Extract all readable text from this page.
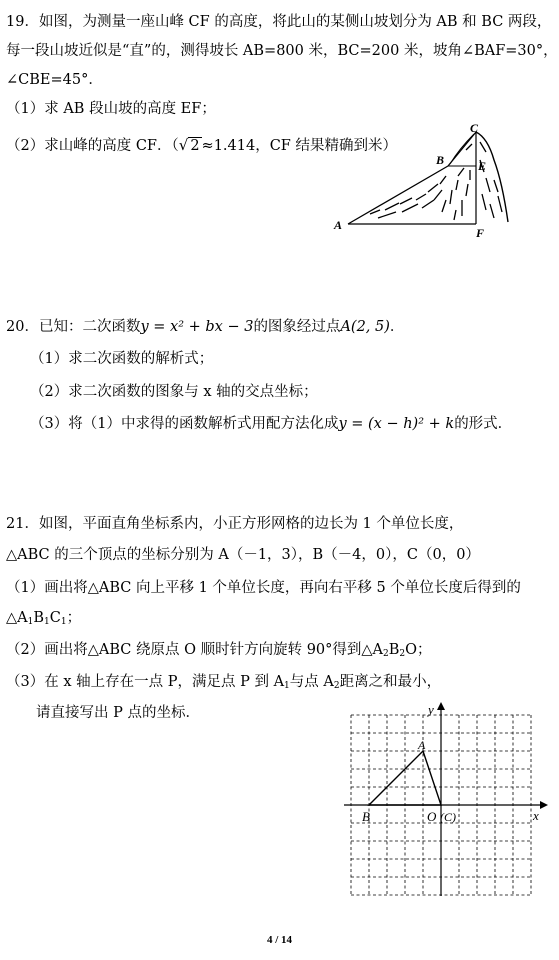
19．如图，为测量一座山峰 CF 的高度，将此山的某侧山坡划分为 AB 和 BC 两段，
每一段山坡近似是“直”的，测得坡长 AB=800 米，BC=200 米，坡角∠BAF=30°，
∠CBE=45°．
（1）求 AB 段山坡的高度 EF；
（2）求山峰的高度 CF．（√ 2 ≈1.414，CF 结果精确到米）
C
B	E
A
F
20．已知：二次函数y = x² + bx − 3的图象经过点A(2, 5)．
（1）求二次函数的解析式；
（2）求二次函数的图象与 x 轴的交点坐标；
（3）将（1）中求得的函数解析式用配方法化成y = (x − h)² + k的形式．
21．如图，平面直角坐标系内，小正方形网格的边长为 1 个单位长度，
△ABC 的三个顶点的坐标分别为 A（－1，3），B（－4，0），C（0，0）
（1）画出将△ABC 向上平移 1 个单位长度，再向右平移 5 个单位长度后得到的
$\triangle A_1B_1C_1$；
（2）画出将△ABC 绕原点 O 顺时针方向旋转 90°得到$\triangle A_2B_2O$；
（3）在 x 轴上存在一点 P，满足点 P 到 $A_1$与点 $A_2$距离之和最小，
请直接写出 P 点的坐标．	y
x
A
B	O (C)
4 / 14
